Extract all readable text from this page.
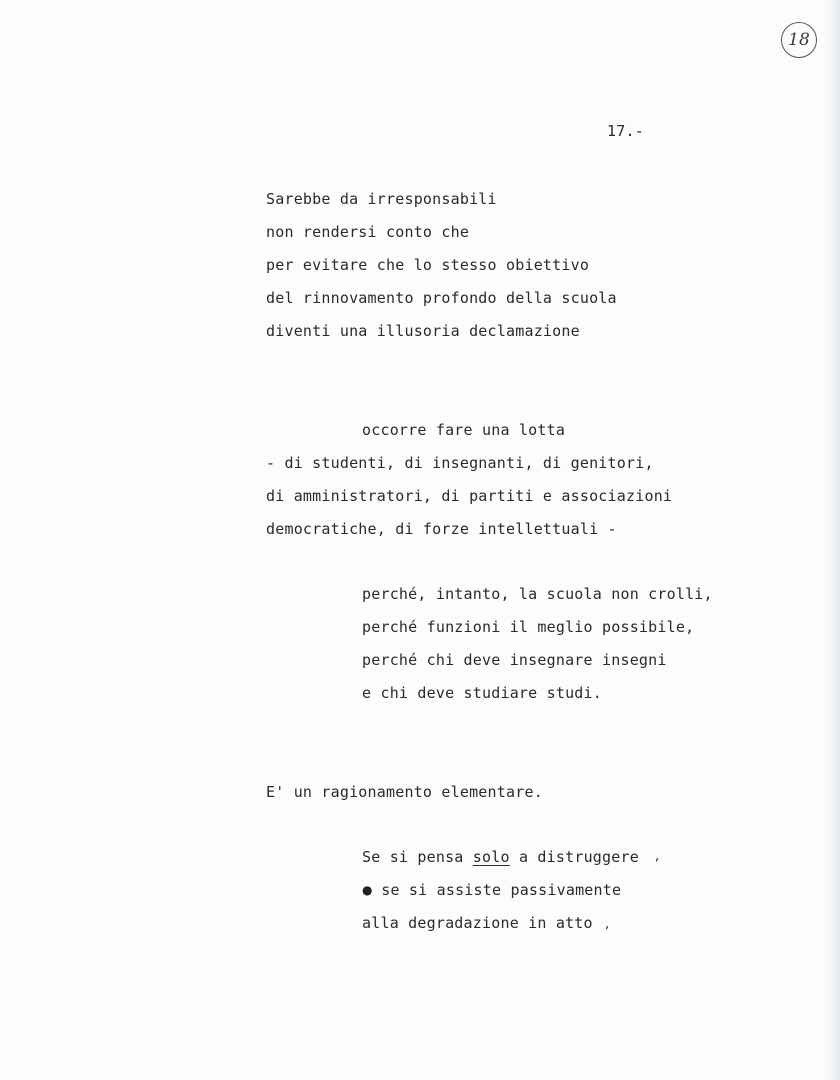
18
17.-
Sarebbe da irresponsabili
non rendersi conto che
per evitare che lo stesso obiettivo
del rinnovamento profondo della scuola
diventi una illusoria declamazione
occorre fare una lotta
- di studenti, di insegnanti, di genitori,
di amministratori, di partiti e associazioni
democratiche, di forze intellettuali -
perché, intanto, la scuola non crolli,
perché funzioni il meglio possibile,
perché chi deve insegnare insegni
e chi deve studiare studi.
E' un ragionamento elementare.
Se si pensa solo a distruggere ,
● se si assiste passivamente
alla degradazione in atto ,
